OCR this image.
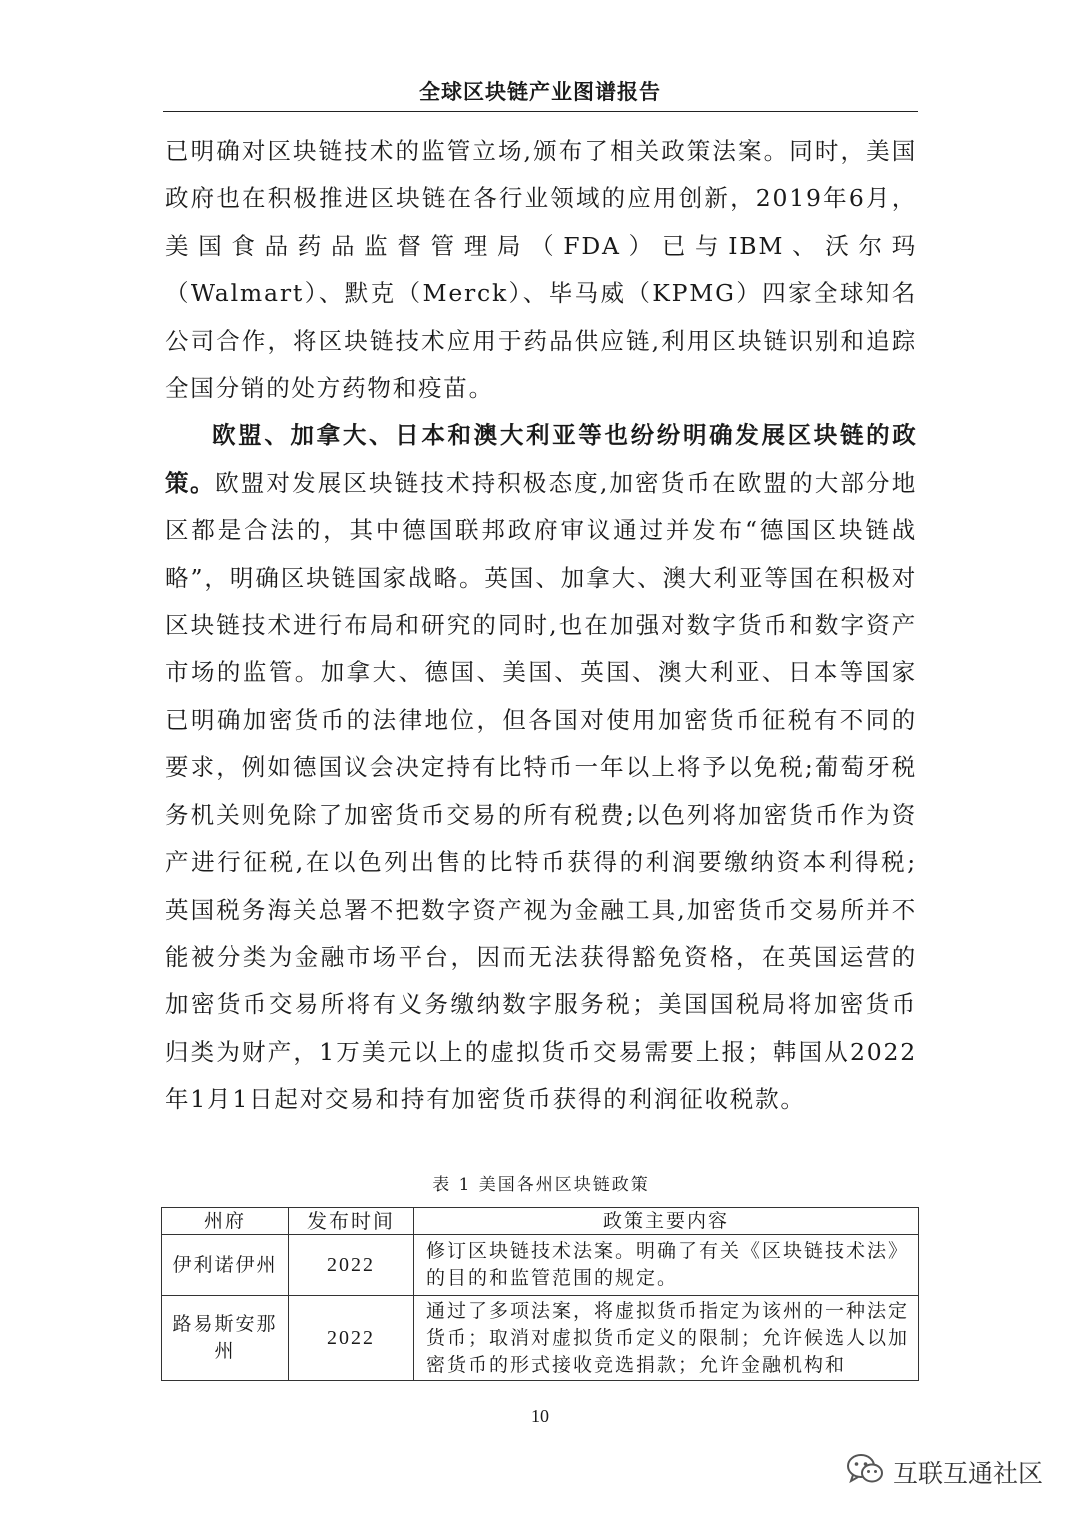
全球区块链产业图谱报告

已明确对区块链技术的监管立场,颁布了相关政策法案。同时，美国政府也在积极推进区块链在各行业领域的应用创新，2019年6月，美国食品药品监督管理局（FDA）已与IBM、沃尔玛（Walmart）、默克（Merck）、毕马威（KPMG）四家全球知名公司合作，将区块链技术应用于药品供应链,利用区块链识别和追踪全国分销的处方药物和疫苗。

欧盟、加拿大、日本和澳大利亚等也纷纷明确发展区块链的政策。欧盟对发展区块链技术持积极态度,加密货币在欧盟的大部分地区都是合法的，其中德国联邦政府审议通过并发布“德国区块链战略”，明确区块链国家战略。英国、加拿大、澳大利亚等国在积极对区块链技术进行布局和研究的同时,也在加强对数字货币和数字资产市场的监管。加拿大、德国、美国、英国、澳大利亚、日本等国家已明确加密货币的法律地位，但各国对使用加密货币征税有不同的要求，例如德国议会决定持有比特币一年以上将予以免税;葡萄牙税务机关则免除了加密货币交易的所有税费;以色列将加密货币作为资产进行征税,在以色列出售的比特币获得的利润要缴纳资本利得税;英国税务海关总署不把数字资产视为金融工具,加密货币交易所并不能被分类为金融市场平台，因而无法获得豁免资格，在英国运营的加密货币交易所将有义务缴纳数字服务税；美国国税局将加密货币归类为财产，1万美元以上的虚拟货币交易需要上报；韩国从2022年1月1日起对交易和持有加密货币获得的利润征收税款。

表 1 美国各州区块链政策
州府	发布时间	政策主要内容
伊利诺伊州	2022	修订区块链技术法案。明确了有关《区块链技术法》的目的和监管范围的规定。
路易斯安那州	2022	通过了多项法案，将虚拟货币指定为该州的一种法定货币；取消对虚拟货币定义的限制；允许候选人以加密货币的形式接收竞选捐款；允许金融机构和
10
互联互通社区
